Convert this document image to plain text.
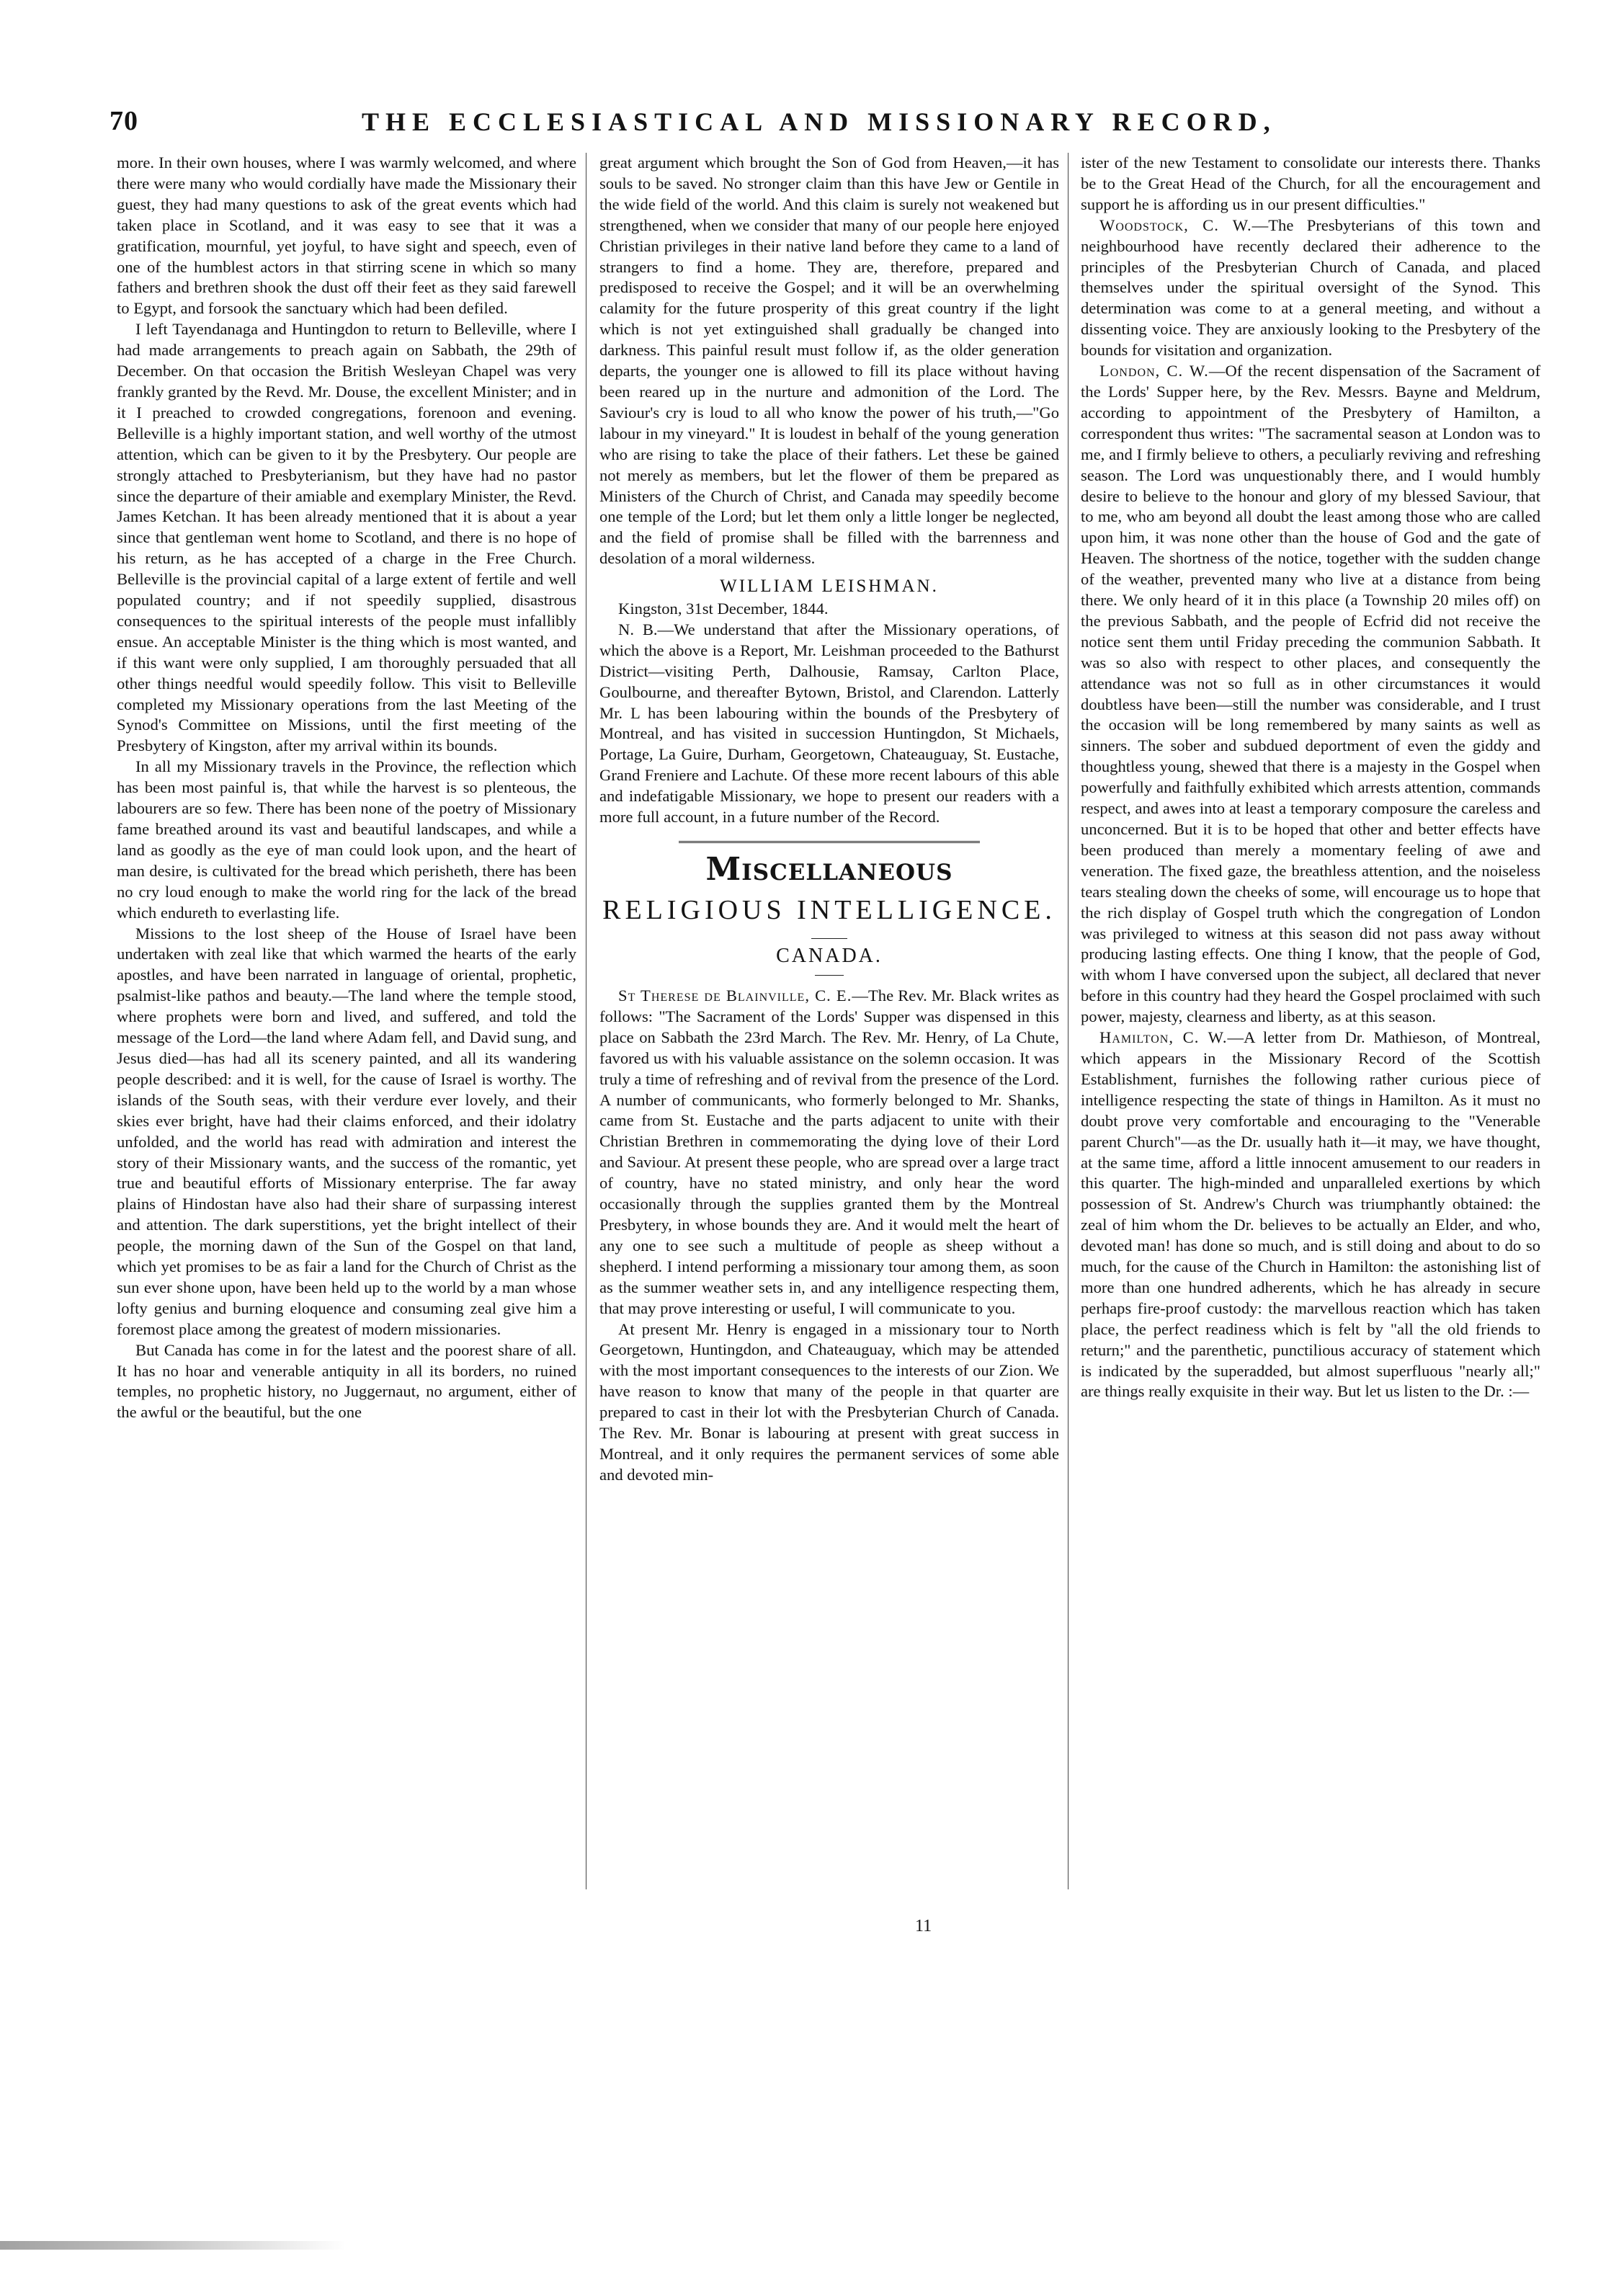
70	THE ECCLESIASTICAL AND MISSIONARY RECORD,

more. In their own houses, where I was warmly welcomed, and where there were many who would cordially have made the Missionary their guest, they had many questions to ask of the great events which had taken place in Scotland, and it was easy to see that it was a gratification, mournful, yet joyful, to have sight and speech, even of one of the humblest actors in that stirring scene in which so many fathers and brethren shook the dust off their feet as they said farewell to Egypt, and forsook the sanctuary which had been defiled.

I left Tayendanaga and Huntingdon to return to Belleville, where I had made arrangements to preach again on Sabbath, the 29th of December. On that occasion the British Wesleyan Chapel was very frankly granted by the Revd. Mr. Douse, the excellent Minister; and in it I preached to crowded congregations, forenoon and evening. Belleville is a highly important station, and well worthy of the utmost attention, which can be given to it by the Presbytery. Our people are strongly attached to Presbyterianism, but they have had no pastor since the departure of their amiable and exemplary Minister, the Revd. James Ketchan. It has been already mentioned that it is about a year since that gentleman went home to Scotland, and there is no hope of his return, as he has accepted of a charge in the Free Church. Belleville is the provincial capital of a large extent of fertile and well populated country; and if not speedily supplied, disastrous consequences to the spiritual interests of the people must infallibly ensue. An acceptable Minister is the thing which is most wanted, and if this want were only supplied, I am thoroughly persuaded that all other things needful would speedily follow. This visit to Belleville completed my Missionary operations from the last Meeting of the Synod's Committee on Missions, until the first meeting of the Presbytery of Kingston, after my arrival within its bounds.

In all my Missionary travels in the Province, the reflection which has been most painful is, that while the harvest is so plenteous, the labourers are so few. There has been none of the poetry of Missionary fame breathed around its vast and beautiful landscapes, and while a land as goodly as the eye of man could look upon, and the heart of man desire, is cultivated for the bread which perisheth, there has been no cry loud enough to make the world ring for the lack of the bread which endureth to everlasting life.

Missions to the lost sheep of the House of Israel have been undertaken with zeal like that which warmed the hearts of the early apostles, and have been narrated in language of oriental, prophetic, psalmist-like pathos and beauty.—The land where the temple stood, where prophets were born and lived, and suffered, and told the message of the Lord—the land where Adam fell, and David sung, and Jesus died—has had all its scenery painted, and all its wandering people described: and it is well, for the cause of Israel is worthy. The islands of the South seas, with their verdure ever lovely, and their skies ever bright, have had their claims enforced, and their idolatry unfolded, and the world has read with admiration and interest the story of their Missionary wants, and the success of the romantic, yet true and beautiful efforts of Missionary enterprise. The far away plains of Hindostan have also had their share of surpassing interest and attention. The dark superstitions, yet the bright intellect of their people, the morning dawn of the Sun of the Gospel on that land, which yet promises to be as fair a land for the Church of Christ as the sun ever shone upon, have been held up to the world by a man whose lofty genius and burning eloquence and consuming zeal give him a foremost place among the greatest of modern missionaries.

But Canada has come in for the latest and the poorest share of all. It has no hoar and venerable antiquity in all its borders, no ruined temples, no prophetic history, no Juggernaut, no argument, either of the awful or the beautiful, but the one

great argument which brought the Son of God from Heaven,—it has souls to be saved. No stronger claim than this have Jew or Gentile in the wide field of the world. And this claim is surely not weakened but strengthened, when we consider that many of our people here enjoyed Christian privileges in their native land before they came to a land of strangers to find a home. They are, therefore, prepared and predisposed to receive the Gospel; and it will be an overwhelming calamity for the future prosperity of this great country if the light which is not yet extinguished shall gradually be changed into darkness. This painful result must follow if, as the older generation departs, the younger one is allowed to fill its place without having been reared up in the nurture and admonition of the Lord. The Saviour's cry is loud to all who know the power of his truth,—"Go labour in my vineyard." It is loudest in behalf of the young generation who are rising to take the place of their fathers. Let these be gained not merely as members, but let the flower of them be prepared as Ministers of the Church of Christ, and Canada may speedily become one temple of the Lord; but let them only a little longer be neglected, and the field of promise shall be filled with the barrenness and desolation of a moral wilderness.

WILLIAM LEISHMAN.

Kingston, 31st December, 1844.

N. B.—We understand that after the Missionary operations, of which the above is a Report, Mr. Leishman proceeded to the Bathurst District—visiting Perth, Dalhousie, Ramsay, Carlton Place, Goulbourne, and thereafter Bytown, Bristol, and Clarendon. Latterly Mr. L has been labouring within the bounds of the Presbytery of Montreal, and has visited in succession Huntingdon, St Michaels, Portage, La Guire, Durham, Georgetown, Chateauguay, St. Eustache, Grand Freniere and Lachute. Of these more recent labours of this able and indefatigable Missionary, we hope to present our readers with a more full account, in a future number of the Record.

Miscellaneous
RELIGIOUS INTELLIGENCE.
CANADA.

St Therese de Blainville, C. E.—The Rev. Mr. Black writes as follows: "The Sacrament of the Lords' Supper was dispensed in this place on Sabbath the 23rd March. The Rev. Mr. Henry, of La Chute, favored us with his valuable assistance on the solemn occasion. It was truly a time of refreshing and of revival from the presence of the Lord. A number of communicants, who formerly belonged to Mr. Shanks, came from St. Eustache and the parts adjacent to unite with their Christian Brethren in commemorating the dying love of their Lord and Saviour. At present these people, who are spread over a large tract of country, have no stated ministry, and only hear the word occasionally through the supplies granted them by the Montreal Presbytery, in whose bounds they are. And it would melt the heart of any one to see such a multitude of people as sheep without a shepherd. I intend performing a missionary tour among them, as soon as the summer weather sets in, and any intelligence respecting them, that may prove interesting or useful, I will communicate to you.

At present Mr. Henry is engaged in a missionary tour to North Georgetown, Huntingdon, and Chateauguay, which may be attended with the most important consequences to the interests of our Zion. We have reason to know that many of the people in that quarter are prepared to cast in their lot with the Presbyterian Church of Canada. The Rev. Mr. Bonar is labouring at present with great success in Montreal, and it only requires the permanent services of some able and devoted min-

ister of the new Testament to consolidate our interests there. Thanks be to the Great Head of the Church, for all the encouragement and support he is affording us in our present difficulties."

Woodstock, C. W.—The Presbyterians of this town and neighbourhood have recently declared their adherence to the principles of the Presbyterian Church of Canada, and placed themselves under the spiritual oversight of the Synod. This determination was come to at a general meeting, and without a dissenting voice. They are anxiously looking to the Presbytery of the bounds for visitation and organization.

London, C. W.—Of the recent dispensation of the Sacrament of the Lords' Supper here, by the Rev. Messrs. Bayne and Meldrum, according to appointment of the Presbytery of Hamilton, a correspondent thus writes: "The sacramental season at London was to me, and I firmly believe to others, a peculiarly reviving and refreshing season. The Lord was unquestionably there, and I would humbly desire to believe to the honour and glory of my blessed Saviour, that to me, who am beyond all doubt the least among those who are called upon him, it was none other than the house of God and the gate of Heaven. The shortness of the notice, together with the sudden change of the weather, prevented many who live at a distance from being there. We only heard of it in this place (a Township 20 miles off) on the previous Sabbath, and the people of Ecfrid did not receive the notice sent them until Friday preceding the communion Sabbath. It was so also with respect to other places, and consequently the attendance was not so full as in other circumstances it would doubtless have been—still the number was considerable, and I trust the occasion will be long remembered by many saints as well as sinners. The sober and subdued deportment of even the giddy and thoughtless young, shewed that there is a majesty in the Gospel when powerfully and faithfully exhibited which arrests attention, commands respect, and awes into at least a temporary composure the careless and unconcerned. But it is to be hoped that other and better effects have been produced than merely a momentary feeling of awe and veneration. The fixed gaze, the breathless attention, and the noiseless tears stealing down the cheeks of some, will encourage us to hope that the rich display of Gospel truth which the congregation of London was privileged to witness at this season did not pass away without producing lasting effects. One thing I know, that the people of God, with whom I have conversed upon the subject, all declared that never before in this country had they heard the Gospel proclaimed with such power, majesty, clearness and liberty, as at this season.

Hamilton, C. W.—A letter from Dr. Mathieson, of Montreal, which appears in the Missionary Record of the Scottish Establishment, furnishes the following rather curious piece of intelligence respecting the state of things in Hamilton. As it must no doubt prove very comfortable and encouraging to the "Venerable parent Church"—as the Dr. usually hath it—it may, we have thought, at the same time, afford a little innocent amusement to our readers in this quarter. The high-minded and unparalleled exertions by which possession of St. Andrew's Church was triumphantly obtained: the zeal of him whom the Dr. believes to be actually an Elder, and who, devoted man! has done so much, and is still doing and about to do so much, for the cause of the Church in Hamilton: the astonishing list of more than one hundred adherents, which he has already in secure perhaps fire-proof custody: the marvellous reaction which has taken place, the perfect readiness which is felt by "all the old friends to return;" and the parenthetic, punctilious accuracy of statement which is indicated by the superadded, but almost superfluous "nearly all;" are things really exquisite in their way. But let us listen to the Dr. :—

11
